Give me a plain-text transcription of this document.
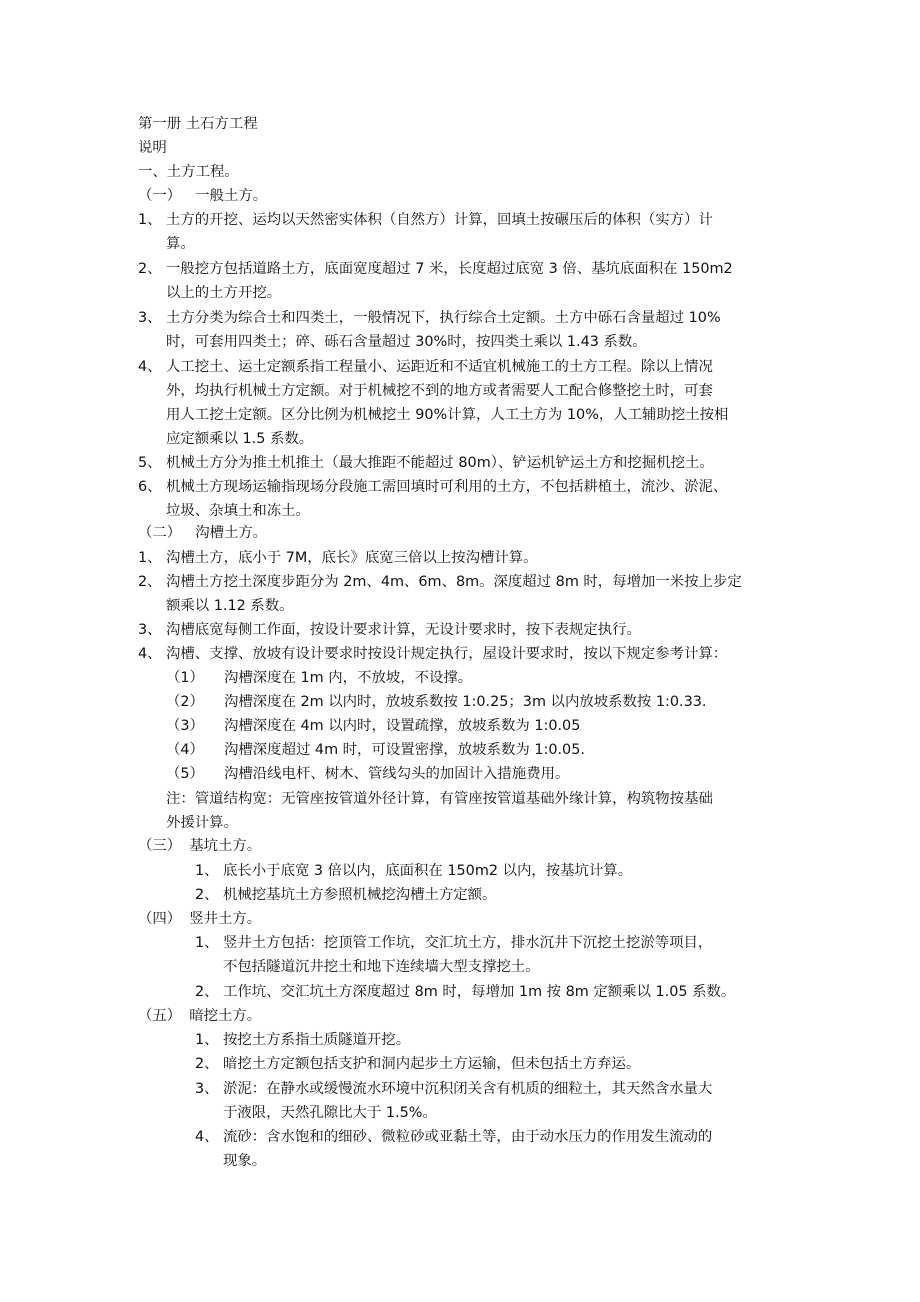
第一册 土石方工程
说明
一、土方工程。
（一） 一般土方。
1、 土方的开挖、运均以天然密实体积（自然方）计算，回填土按碾压后的体积（实方）计
算。
2、 一般挖方包括道路土方，底面宽度超过 7 米，长度超过底宽 3 倍、基坑底面积在 150m2
以上的土方开挖。
3、 土方分类为综合土和四类土，一般情况下，执行综合土定额。土方中砾石含量超过 10%
时，可套用四类土；碎、砾石含量超过 30%时，按四类土乘以 1.43 系数。
4、 人工挖土、运土定额系指工程量小、运距近和不适宜机械施工的土方工程。除以上情况
外，均执行机械土方定额。对于机械挖不到的地方或者需要人工配合修整挖土时，可套
用人工挖土定额。区分比例为机械挖土 90%计算，人工土方为 10%，人工辅助挖土按相
应定额乘以 1.5 系数。
5、 机械土方分为推土机推土（最大推距不能超过 80m）、铲运机铲运土方和挖掘机挖土。
6、 机械土方现场运输指现场分段施工需回填时可利用的土方，不包括耕植土，流沙、淤泥、
垃圾、杂填土和冻土。
（二） 沟槽土方。
1、 沟槽土方，底小于 7M，底长》底宽三倍以上按沟槽计算。
2、 沟槽土方挖土深度步距分为 2m、4m、6m、8m。深度超过 8m 时，每增加一米按上步定
额乘以 1.12 系数。
3、 沟槽底宽每侧工作面，按设计要求计算，无设计要求时，按下表规定执行。
4、 沟槽、支撑、放坡有设计要求时按设计规定执行，屋设计要求时，按以下规定参考计算：
（1） 沟槽深度在 1m 内，不放坡，不设撑。
（2） 沟槽深度在 2m 以内时，放坡系数按 1:0.25；3m 以内放坡系数按 1:0.33.
（3） 沟槽深度在 4m 以内时，设置疏撑，放坡系数为 1:0.05
（4） 沟槽深度超过 4m 时，可设置密撑，放坡系数为 1:0.05.
（5） 沟槽沿线电杆、树木、管线勾头的加固计入措施费用。
注：管道结构宽：无管座按管道外径计算，有管座按管道基础外缘计算，构筑物按基础
外援计算。
（三） 基坑土方。
1、 底长小于底宽 3 倍以内，底面积在 150m2 以内，按基坑计算。
2、 机械挖基坑土方参照机械挖沟槽土方定额。
（四） 竖井土方。
1、 竖井土方包括：挖顶管工作坑，交汇坑土方，排水沉井下沉挖土挖淤等项目，
不包括隧道沉井挖土和地下连续墙大型支撑挖土。
2、 工作坑、交汇坑土方深度超过 8m 时，每增加 1m 按 8m 定额乘以 1.05 系数。
（五） 暗挖土方。
1、 按挖土方系指土质隧道开挖。
2、 暗挖土方定额包括支护和洞内起步土方运输，但未包括土方弃运。
3、 淤泥：在静水或缓慢流水环境中沉积闭关含有机质的细粒土，其天然含水量大
于液限，天然孔隙比大于 1.5%。
4、 流砂：含水饱和的细砂、微粒砂或亚黏土等，由于动水压力的作用发生流动的
现象。
